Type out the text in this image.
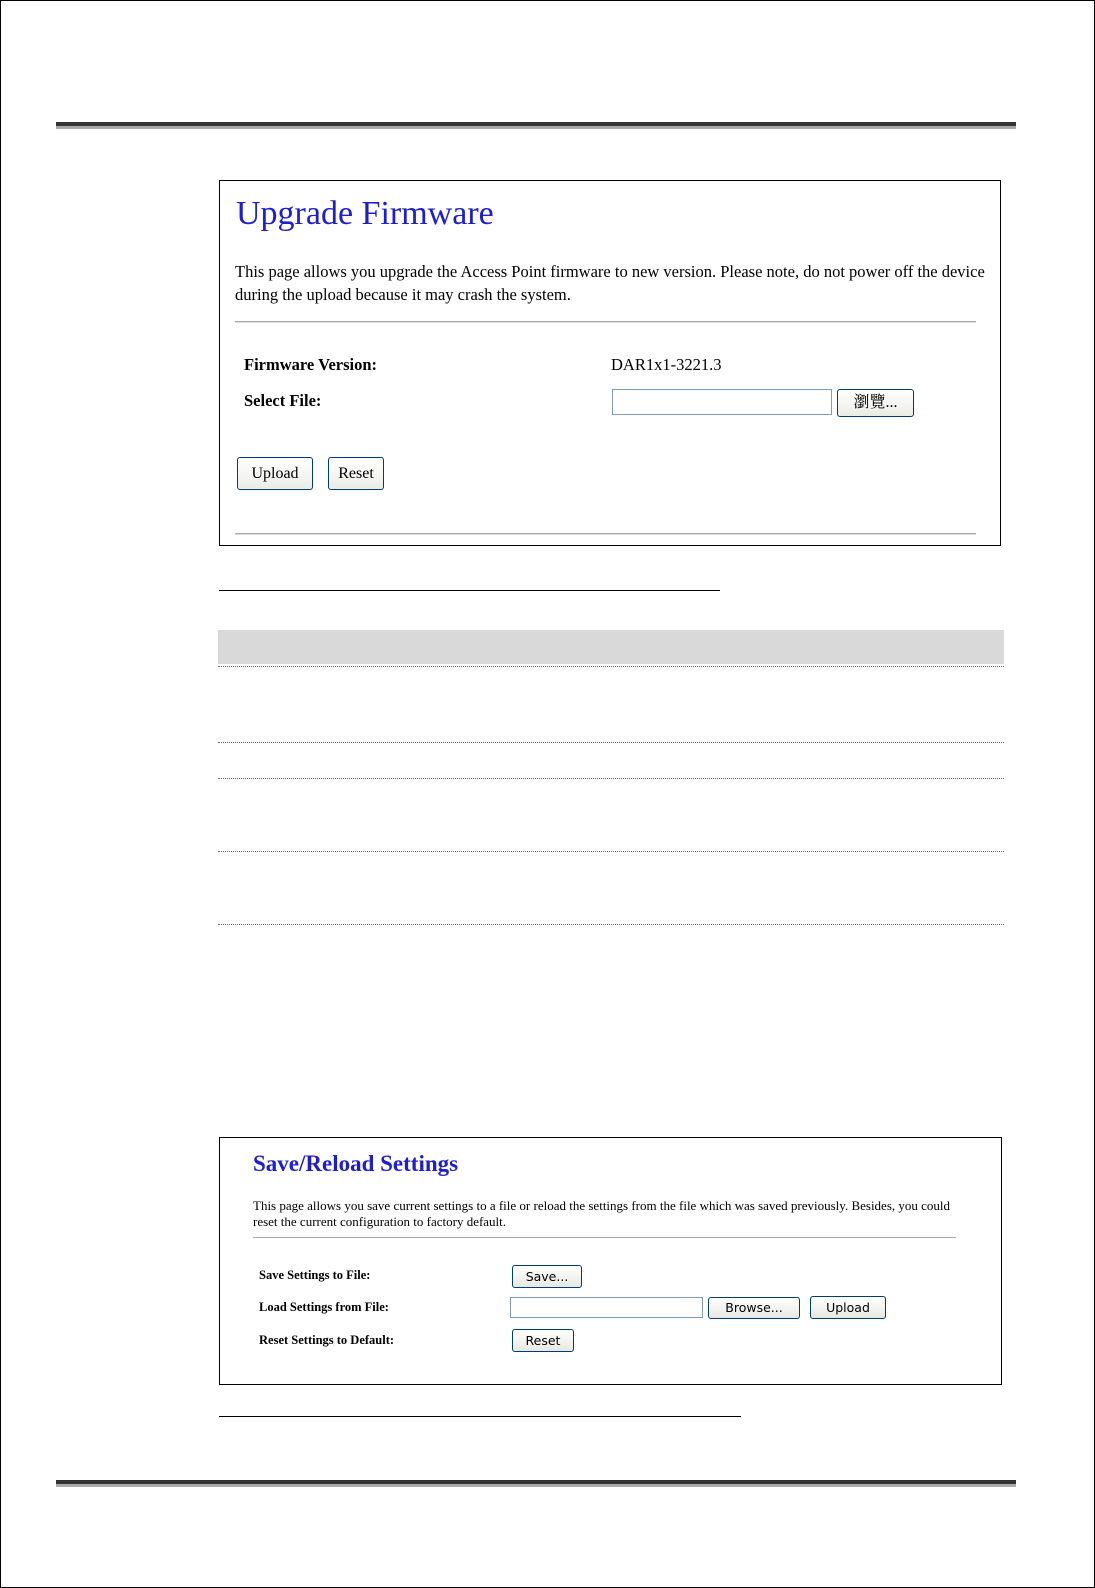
Upgrade Firmware
This page allows you upgrade the Access Point firmware to new version. Please note, do not power off the device during the upload because it may crash the system.
Firmware Version:	DAR1x1-3221.3
Select File:	瀏覽...
Upload	Reset
Save/Reload Settings
This page allows you save current settings to a file or reload the settings from the file which was saved previously. Besides, you could reset the current configuration to factory default.
Save Settings to File:	Save...
Load Settings from File:	Browse...	Upload
Reset Settings to Default:	Reset
